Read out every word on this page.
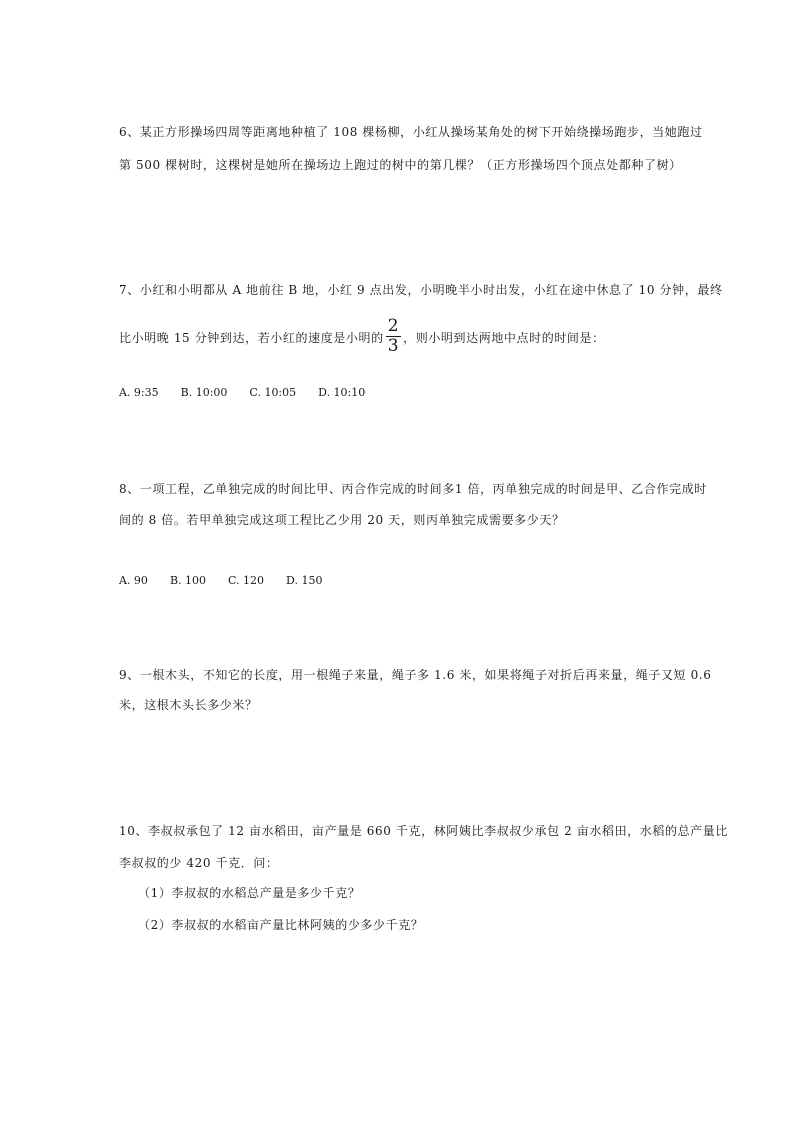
6、某正方形操场四周等距离地种植了 108 棵杨柳，小红从操场某角处的树下开始绕操场跑步，当她跑过
第 500 棵树时，这棵树是她所在操场边上跑过的树中的第几棵？（正方形操场四个顶点处都种了树）
7、小红和小明都从 A 地前往 B 地，小红 9 点出发，小明晚半小时出发，小红在途中休息了 10 分钟，最终
比小明晚 15 分钟到达，若小红的速度是小明的 $\frac{2}{3}$ ，则小明到达两地中点时的时间是：
A. 9:35 B. 10:00 C. 10:05 D. 10:10
8、一项工程，乙单独完成的时间比甲、丙合作完成的时间多1 倍，丙单独完成的时间是甲、乙合作完成时
间的 8 倍。若甲单独完成这项工程比乙少用 20 天，则丙单独完成需要多少天？
A. 90 B. 100 C. 120 D. 150
9、一根木头，不知它的长度，用一根绳子来量，绳子多 1.6 米，如果将绳子对折后再来量，绳子又短 0.6
米，这根木头长多少米？
10、李叔叔承包了 12 亩水稻田，亩产量是 660 千克，林阿姨比李叔叔少承包 2 亩水稻田，水稻的总产量比
李叔叔的少 420 千克．问：
（1）李叔叔的水稻总产量是多少千克？
（2）李叔叔的水稻亩产量比林阿姨的少多少千克？
